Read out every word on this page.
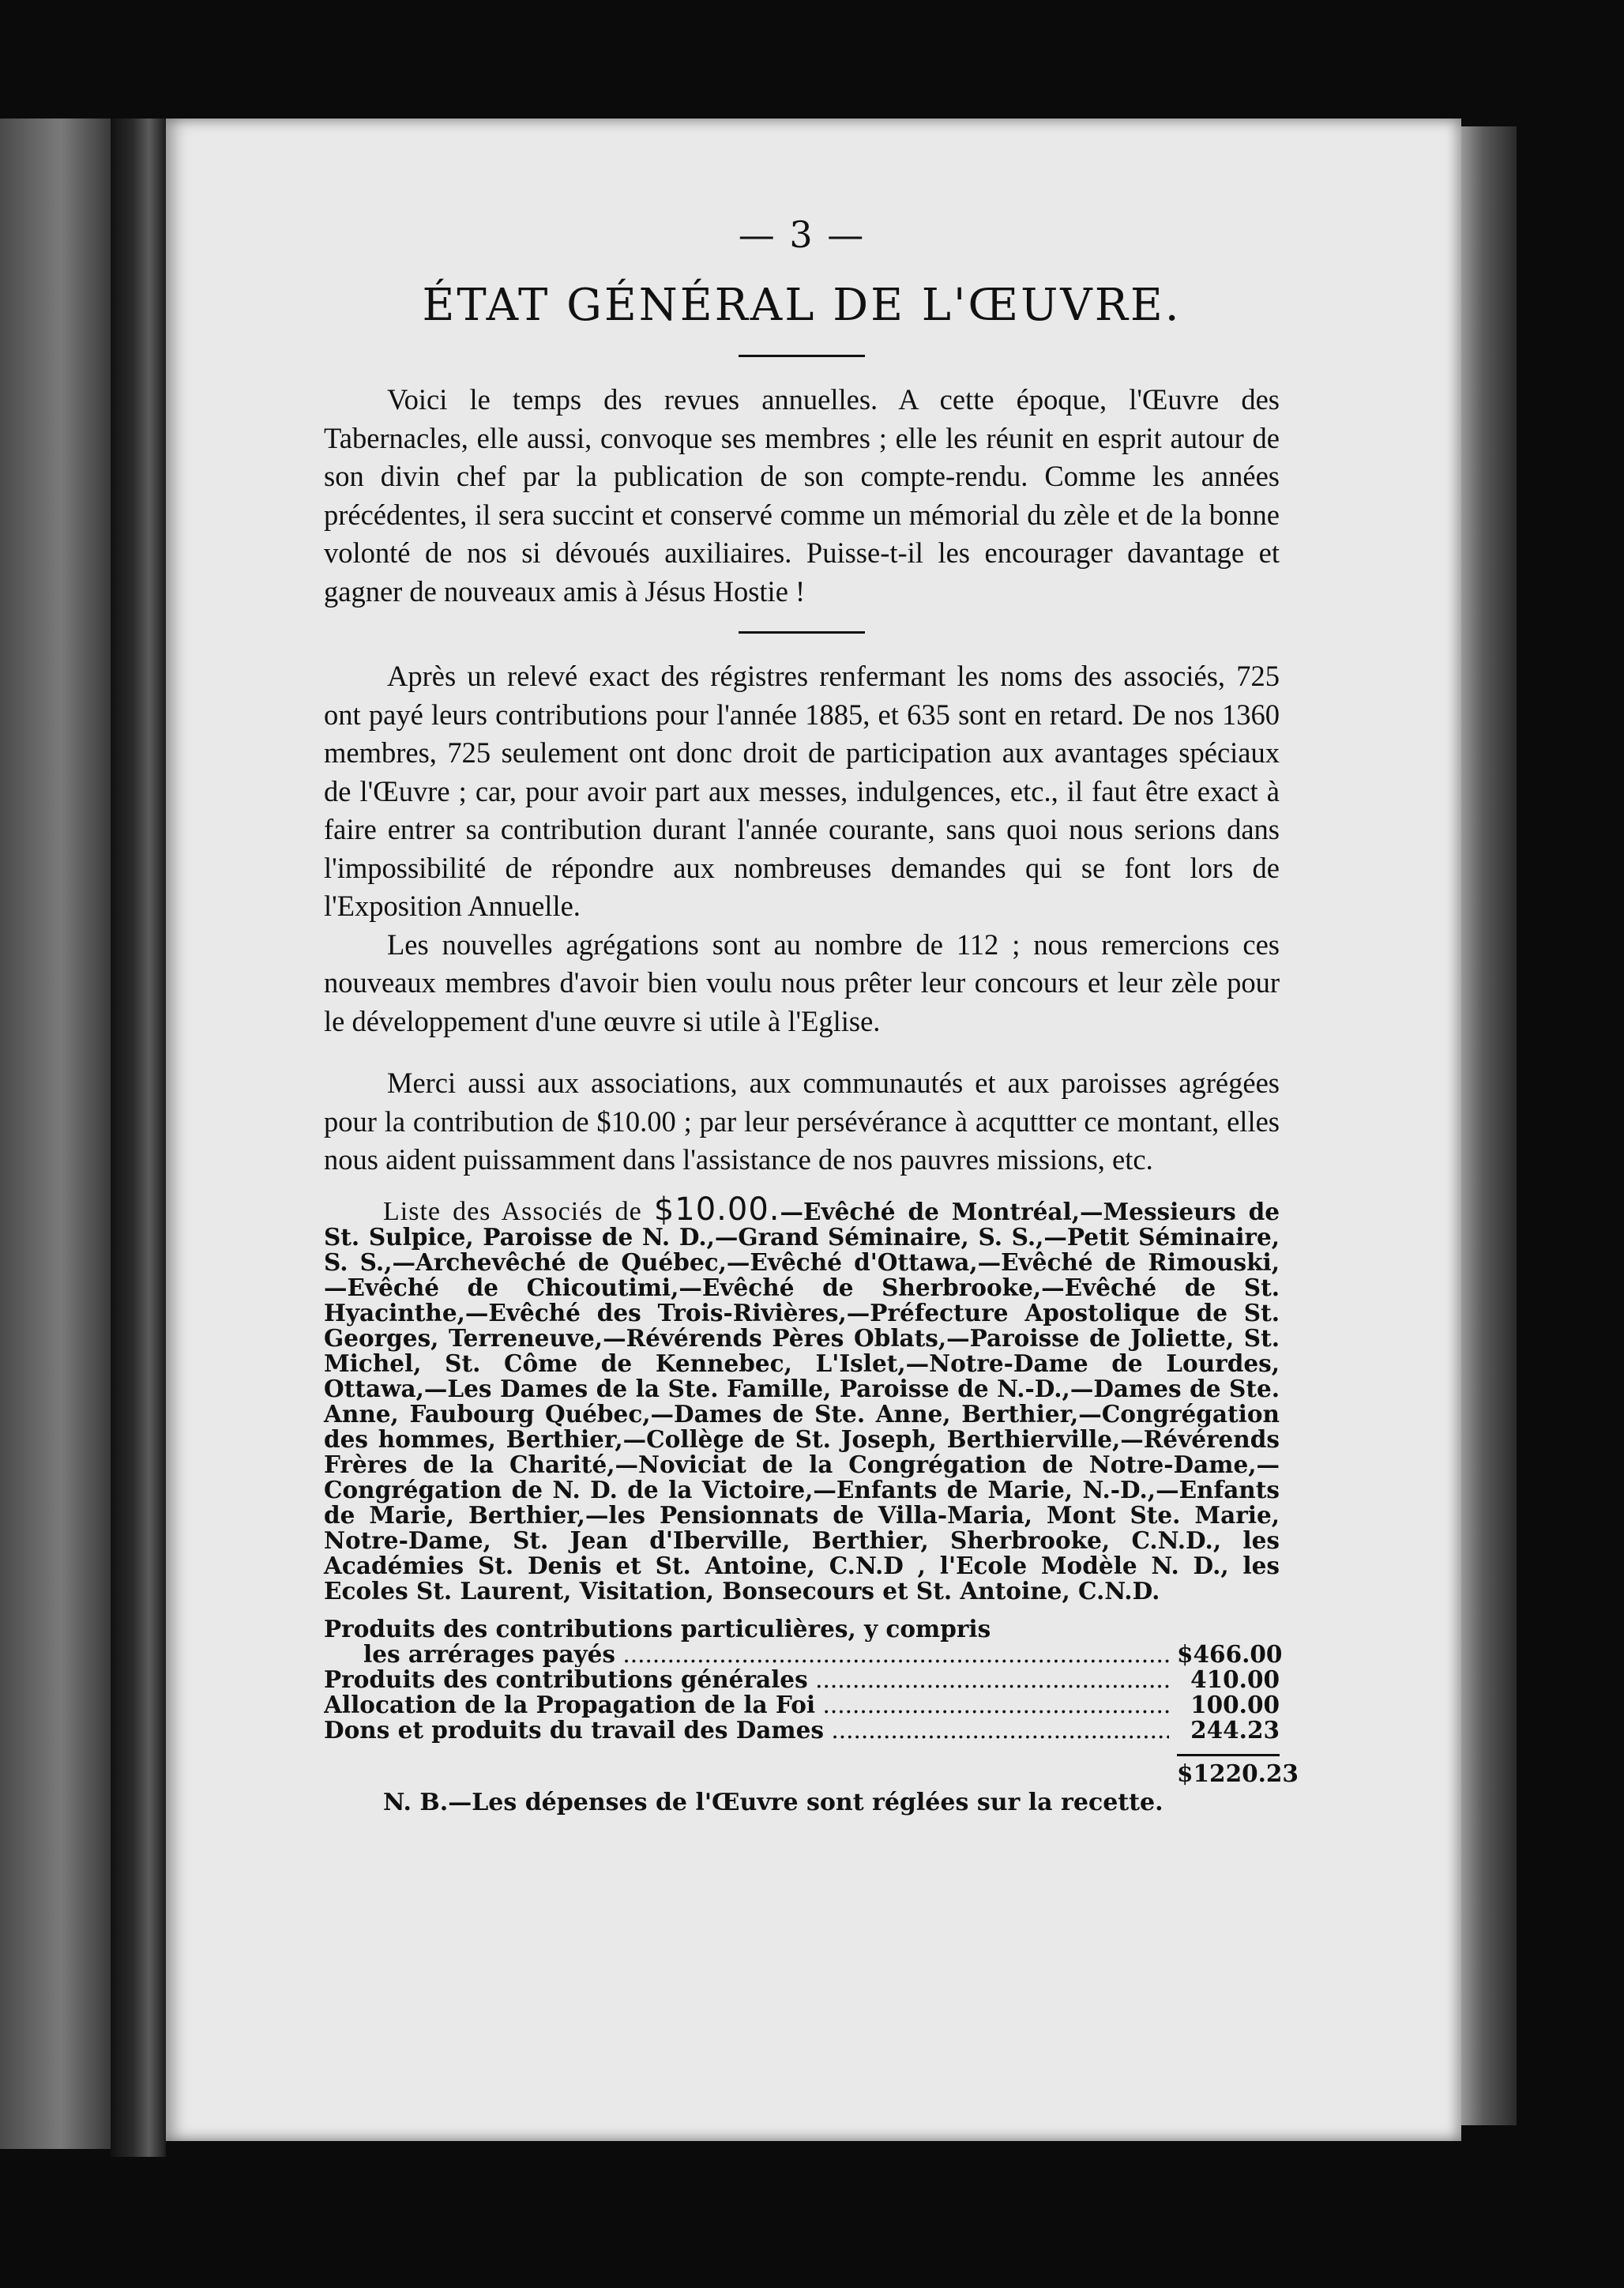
— 3 —
ÉTAT GÉNÉRAL DE L'ŒUVRE.

Voici le temps des revues annuelles. A cette époque, l'Œuvre des Tabernacles, elle aussi, convoque ses membres ; elle les réunit en esprit autour de son divin chef par la publication de son compte-rendu. Comme les années précédentes, il sera succint et conservé comme un mémorial du zèle et de la bonne volonté de nos si dévoués auxiliaires. Puisse-t-il les encourager davantage et gagner de nouveaux amis à Jésus Hostie !

Après un relevé exact des régistres renfermant les noms des associés, 725 ont payé leurs contributions pour l'année 1885, et 635 sont en retard. De nos 1360 membres, 725 seulement ont donc droit de participation aux avantages spéciaux de l'Œuvre ; car, pour avoir part aux messes, indulgences, etc., il faut être exact à faire entrer sa contribution durant l'année courante, sans quoi nous serions dans l'impossibilité de répondre aux nombreuses demandes qui se font lors de l'Exposition Annuelle.

Les nouvelles agrégations sont au nombre de 112 ; nous remercions ces nouveaux membres d'avoir bien voulu nous prêter leur concours et leur zèle pour le développement d'une œuvre si utile à l'Eglise.

Merci aussi aux associations, aux communautés et aux paroisses agrégées pour la contribution de $10.00 ; par leur persévérance à acquttter ce montant, elles nous aident puissamment dans l'assistance de nos pauvres missions, etc.

Liste des Associés de $10.00.—Evêché de Montréal,—Messieurs de St. Sulpice, Paroisse de N. D.,—Grand Séminaire, S. S.,—Petit Séminaire, S. S.,—Archevêché de Québec,—Evêché d'Ottawa,—Evêché de Rimouski,—Evêché de Chicoutimi,—Evêché de Sherbrooke,—Evêché de St. Hyacinthe,—Evêché des Trois-Rivières,—Préfecture Apostolique de St. Georges, Terreneuve,—Révérends Pères Oblats,—Paroisse de Joliette, St. Michel, St. Côme de Kennebec, L'Islet,—Notre-Dame de Lourdes, Ottawa,—Les Dames de la Ste. Famille, Paroisse de N.-D.,—Dames de Ste. Anne, Faubourg Québec,—Dames de Ste. Anne, Berthier,—Congrégation des hommes, Berthier,—Collège de St. Joseph, Berthierville,—Révérends Frères de la Charité,—Noviciat de la Congrégation de Notre-Dame,—Congrégation de N. D. de la Victoire,—Enfants de Marie, N.-D.,—Enfants de Marie, Berthier,—les Pensionnats de Villa-Maria, Mont Ste. Marie, Notre-Dame, St. Jean d'Iberville, Berthier, Sherbrooke, C.N.D., les Académies St. Denis et St. Antoine, C.N.D , l'Ecole Modèle N. D., les Ecoles St. Laurent, Visitation, Bonsecours et St. Antoine, C.N.D.
Produits des contributions particulières, y compris
les arrérages payés .....	$466.00
Produits des contributions générales .....	410.00
Allocation de la Propagation de la Foi .....	100.00
Dons et produits du travail des Dames .....	244.23
$1220.23
N. B.—Les dépenses de l'Œuvre sont réglées sur la recette.
